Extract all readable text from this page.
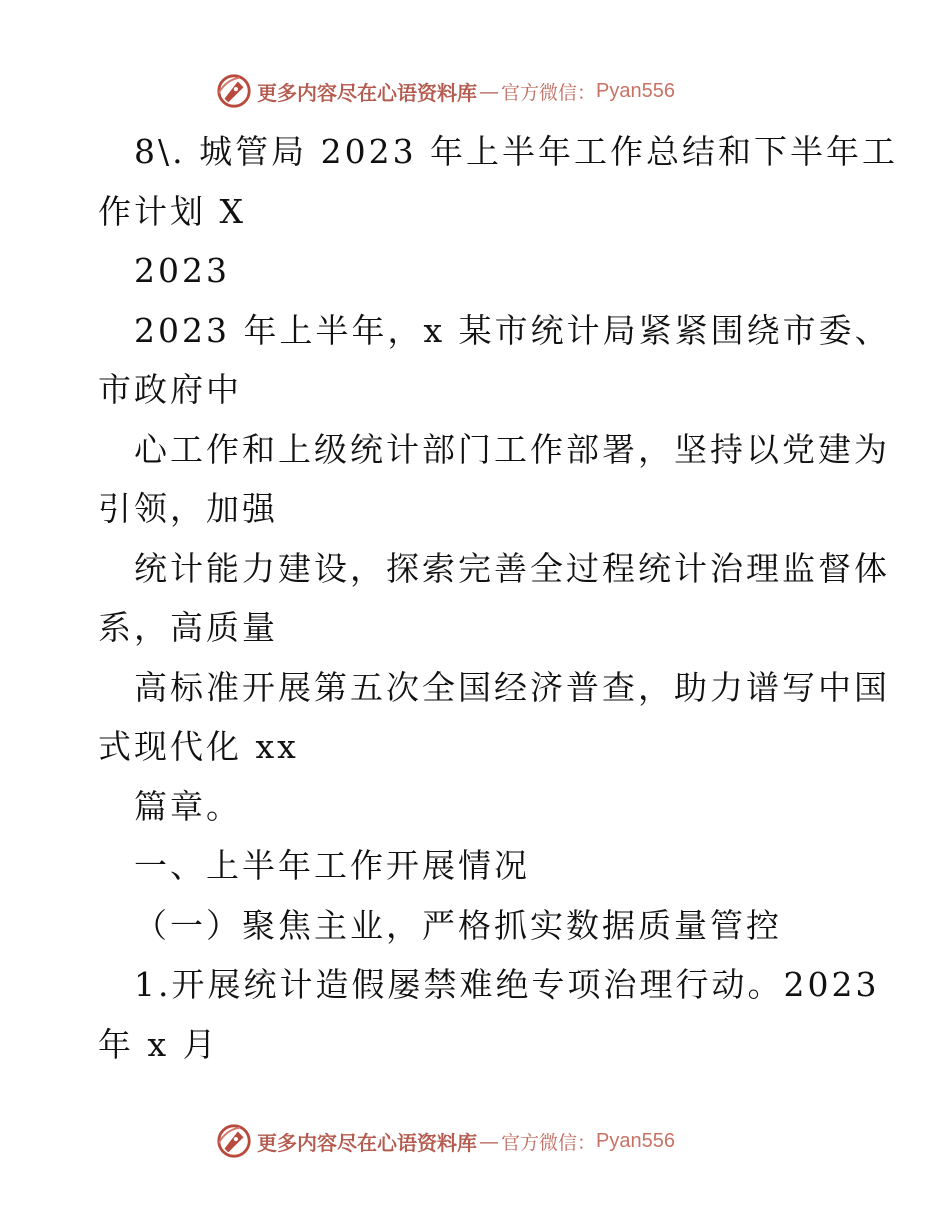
更多内容尽在心语资料库 — 官方微信： Pyan556
8\. 城管局 2023 年上半年工作总结和下半年工
作计划 X
2023
2023 年上半年，x 某市统计局紧紧围绕市委、
市政府中
心工作和上级统计部门工作部署，坚持以党建为
引领，加强
统计能力建设，探索完善全过程统计治理监督体
系，高质量
高标准开展第五次全国经济普查，助力谱写中国
式现代化 xx
篇章。
一、上半年工作开展情况
（一）聚焦主业，严格抓实数据质量管控
1.开展统计造假屡禁难绝专项治理行动。2023
年 x 月
更多内容尽在心语资料库 — 官方微信： Pyan556
